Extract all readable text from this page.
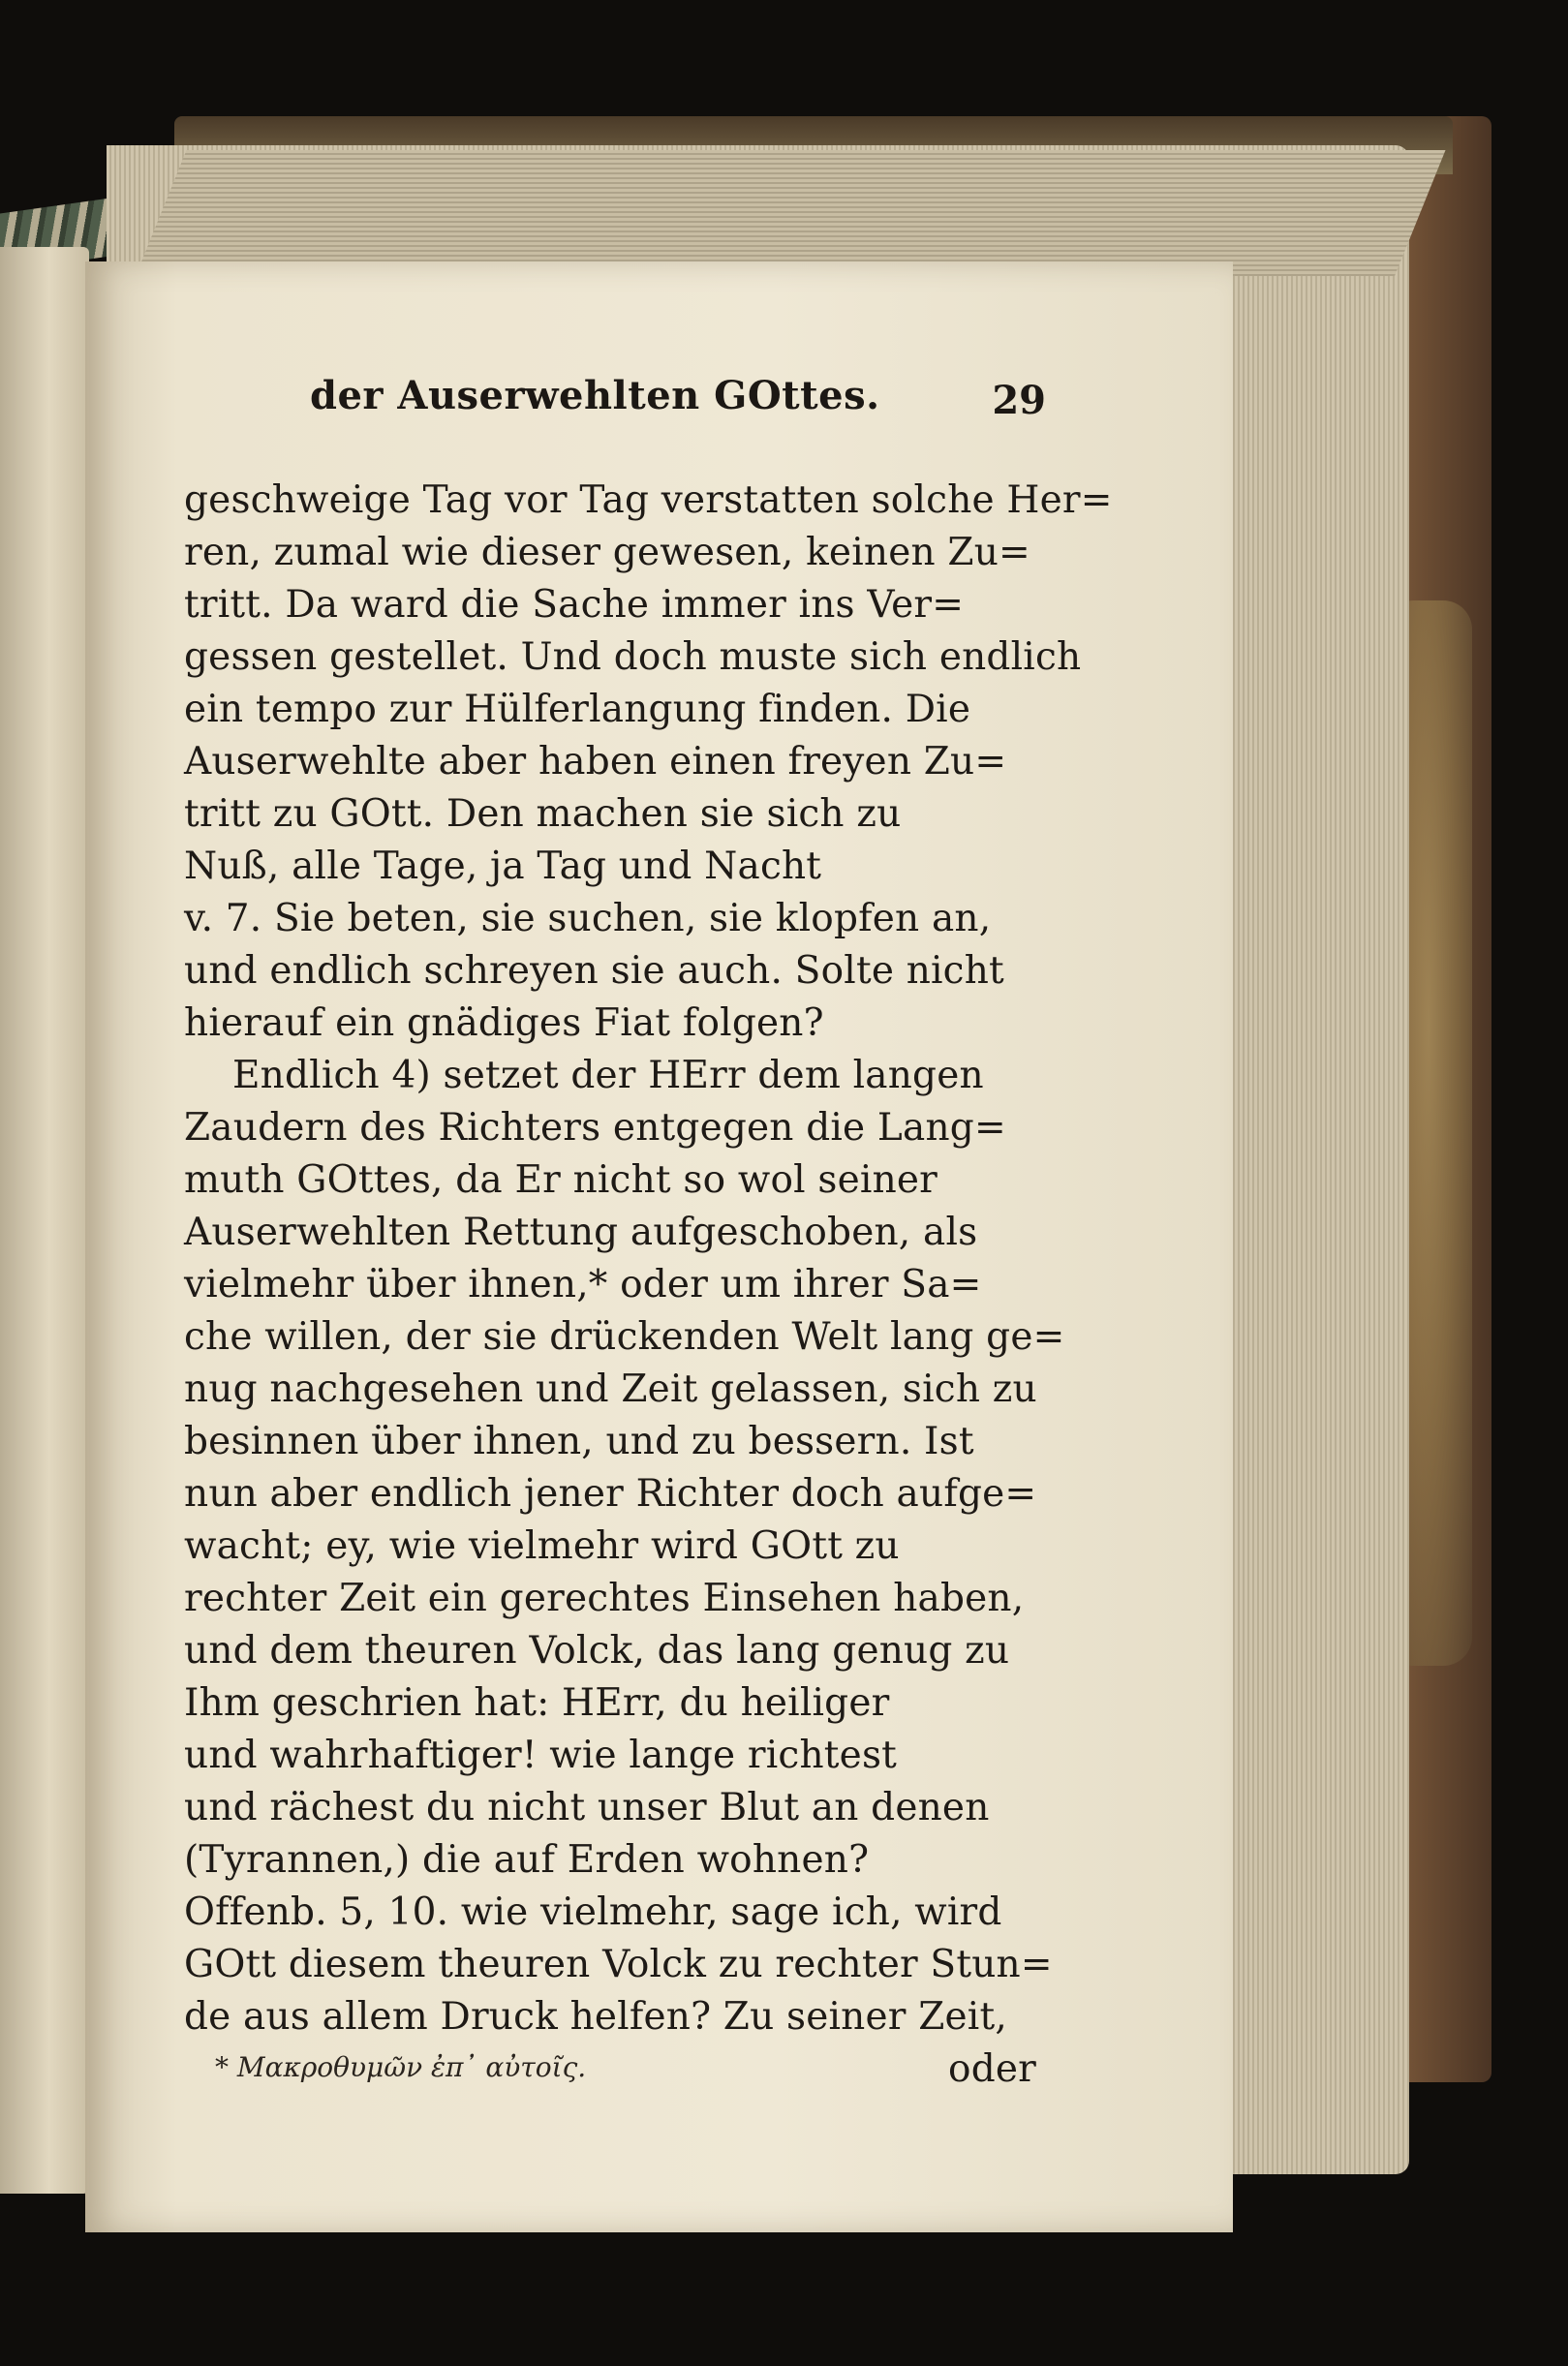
der Auserwehlten GOttes.	29
geschweige Tag vor Tag verstatten solche Her=
ren, zumal wie dieser gewesen, keinen Zu=
tritt. Da ward die Sache immer ins Ver=
gessen gestellet. Und doch muste sich endlich
ein tempo zur Hülferlangung finden. Die
Auserwehlte aber haben einen freyen Zu=
tritt zu GOtt. Den machen sie sich zu
Nuß, alle Tage, ja Tag und Nacht
v. 7. Sie beten, sie suchen, sie klopfen an,
und endlich schreyen sie auch. Solte nicht
hierauf ein gnädiges Fiat folgen?
Endlich 4) setzet der HErr dem langen
Zaudern des Richters entgegen die Lang=
muth GOttes, da Er nicht so wol seiner
Auserwehlten Rettung aufgeschoben, als
vielmehr über ihnen,* oder um ihrer Sa=
che willen, der sie drückenden Welt lang ge=
nug nachgesehen und Zeit gelassen, sich zu
besinnen über ihnen, und zu bessern. Ist
nun aber endlich jener Richter doch aufge=
wacht; ey, wie vielmehr wird GOtt zu
rechter Zeit ein gerechtes Einsehen haben,
und dem theuren Volck, das lang genug zu
Ihm geschrien hat: HErr, du heiliger
und wahrhaftiger! wie lange richtest
und rächest du nicht unser Blut an denen
(Tyrannen,) die auf Erden wohnen?
Offenb. 5, 10. wie vielmehr, sage ich, wird
GOtt diesem theuren Volck zu rechter Stun=
de aus allem Druck helfen? Zu seiner Zeit,
oder
* Μακροθυμῶν ἐπ᾽ αὐτοῖς.
